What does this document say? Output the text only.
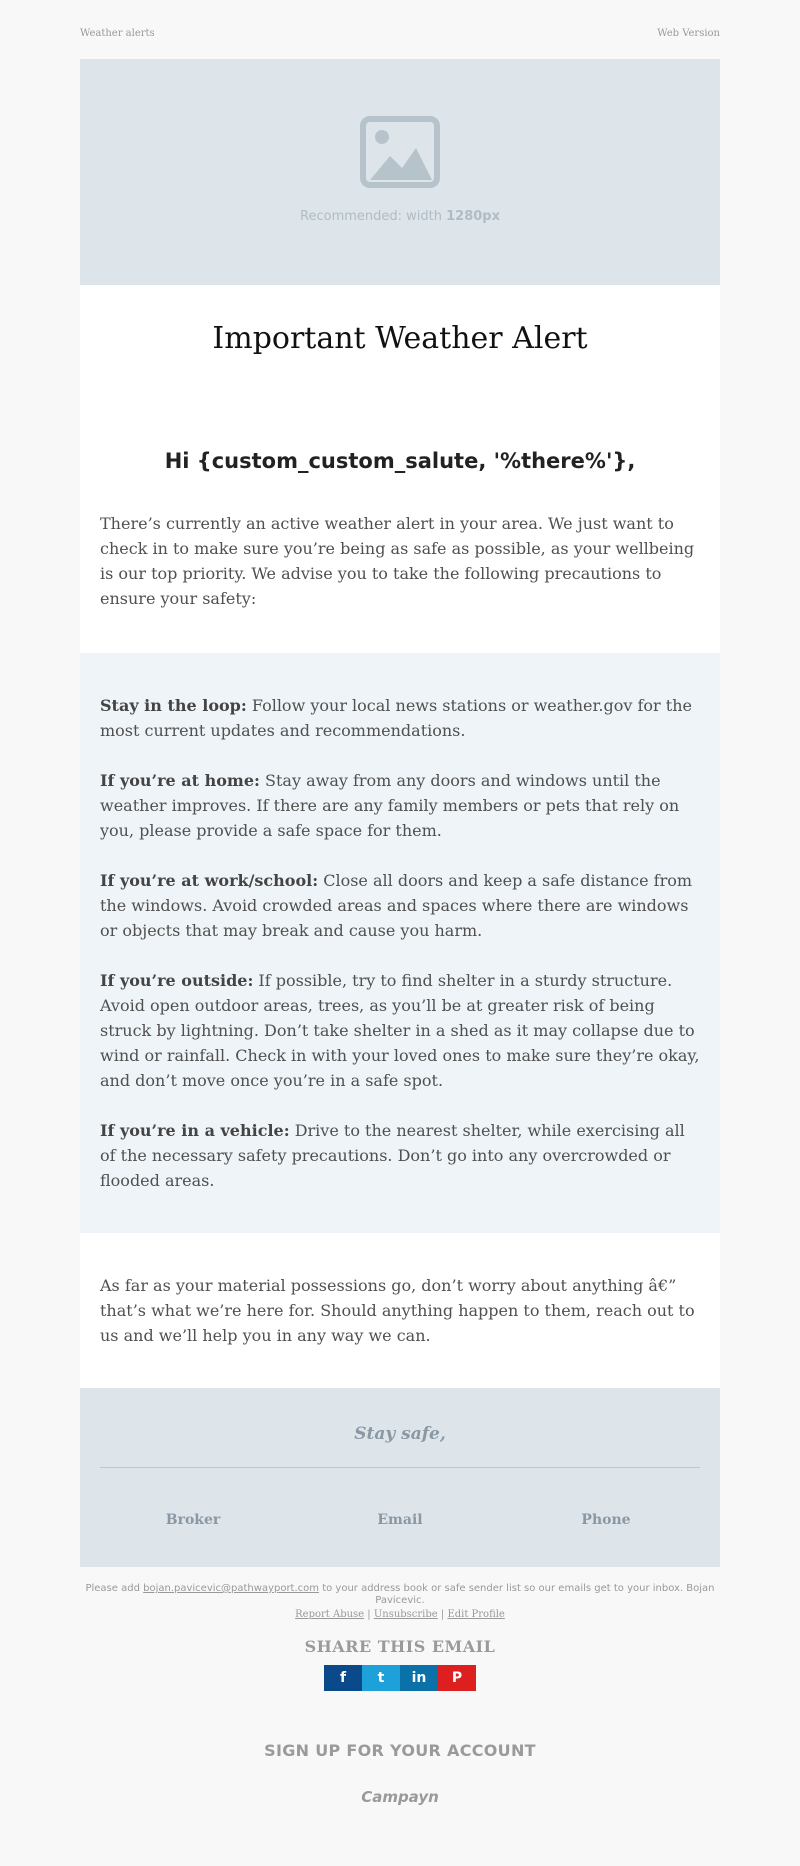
Weather alerts	Web Version
Recommended: width 1280px
Important Weather Alert
Hi {custom_custom_salute, '%there%'},

There’s currently an active weather alert in your area. We just want to check in to make sure you’re being as safe as possible, as your wellbeing is our top priority. We advise you to take the following precautions to ensure your safety:

Stay in the loop: Follow your local news stations or weather.gov for the most current updates and recommendations.

If you’re at home: Stay away from any doors and windows until the weather improves. If there are any family members or pets that rely on you, please provide a safe space for them.

If you’re at work/school: Close all doors and keep a safe distance from the windows. Avoid crowded areas and spaces where there are windows or objects that may break and cause you harm.

If you’re outside: If possible, try to find shelter in a sturdy structure. Avoid open outdoor areas, trees, as you’ll be at greater risk of being struck by lightning. Don’t take shelter in a shed as it may collapse due to wind or rainfall. Check in with your loved ones to make sure they’re okay, and don’t move once you’re in a safe spot.

If you’re in a vehicle: Drive to the nearest shelter, while exercising all of the necessary safety precautions. Don’t go into any overcrowded or flooded areas.

As far as your material possessions go, don’t worry about anything â€” that’s what we’re here for. Should anything happen to them, reach out to us and we’ll help you in any way we can.

Stay safe,
Broker	Email	Phone
Please add bojan.pavicevic@pathwayport.com to your address book or safe sender list so our emails get to your inbox. Bojan Pavicevic.
Report Abuse | Unsubscribe | Edit Profile
SHARE THIS EMAIL
f	t	in	P
SIGN UP FOR YOUR ACCOUNT
Campayn
